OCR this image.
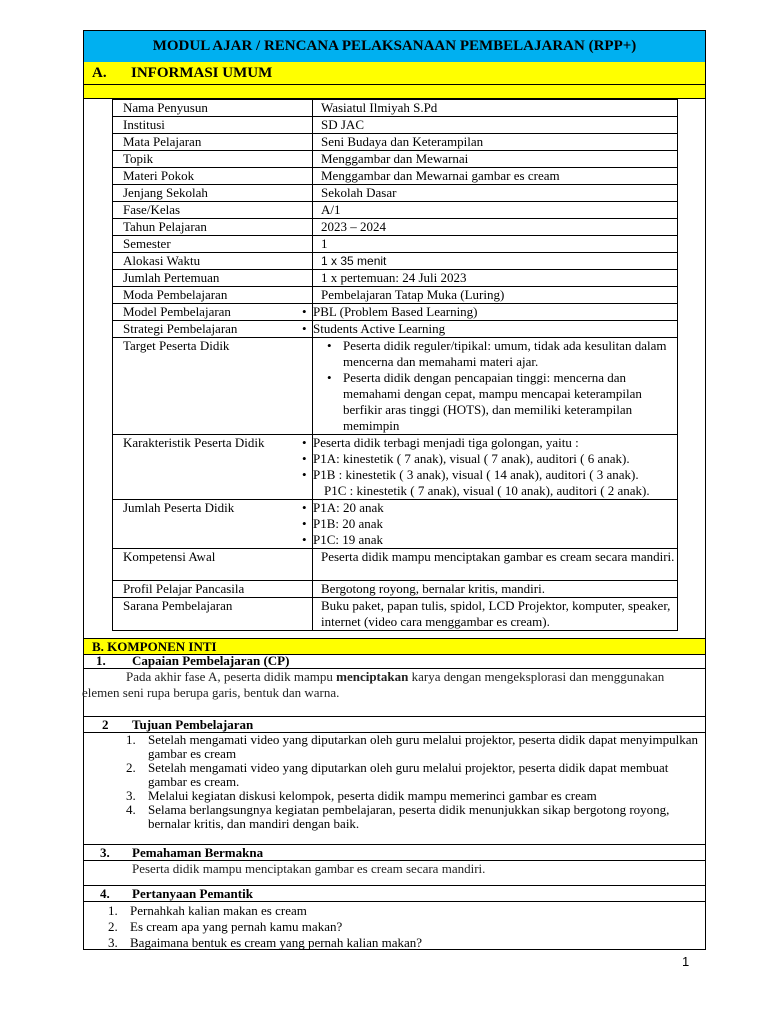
MODUL AJAR / RENCANA PELAKSANAAN PEMBELAJARAN (RPP+)
A. INFORMASI UMUM
Nama Penyusun	Wasiatul Ilmiyah S.Pd
Institusi	SD JAC
Mata Pelajaran	Seni Budaya dan Keterampilan
Topik	Menggambar dan Mewarnai
Materi Pokok	Menggambar dan Mewarnai gambar es cream
Jenjang Sekolah	Sekolah Dasar
Fase/Kelas	A/1
Tahun Pelajaran	2023 – 2024
Semester	1
Alokasi Waktu	1 x 35 menit
Jumlah Pertemuan	1 x pertemuan: 24 Juli 2023
Moda Pembelajaran	Pembelajaran Tatap Muka (Luring)
Model Pembelajaran	• PBL (Problem Based Learning)

Strategi Pembelajaran	• Students Active Learning

Target Peserta Didik	• Peserta didik reguler/tipikal: umum, tidak ada kesulitan dalam mencerna dan memahami materi ajar.
• Peserta didik dengan pencapaian tinggi: mencerna dan memahami dengan cepat, mampu mencapai keterampilan berfikir aras tinggi (HOTS), dan memiliki keterampilan memimpin

Karakteristik Peserta Didik	• Peserta didik terbagi menjadi tiga golongan, yaitu :
• P1A: kinestetik ( 7 anak), visual ( 7 anak), auditori ( 6 anak).
• P1B : kinestetik ( 3 anak), visual ( 14 anak), auditori ( 3 anak).
P1C : kinestetik ( 7 anak), visual ( 10 anak), auditori ( 2 anak).

Jumlah Peserta Didik	• P1A: 20 anak
• P1B: 20 anak
• P1C: 19 anak

Kompetensi Awal	Peserta didik mampu menciptakan gambar es cream secara mandiri.
Profil Pelajar Pancasila	Bergotong royong, bernalar kritis, mandiri.
Sarana Pembelajaran	Buku paket, papan tulis, spidol, LCD Projektor, komputer, speaker, internet (video cara menggambar es cream).
B. KOMPONEN INTI
1. Capaian Pembelajaran (CP)
Pada akhir fase A, peserta didik mampu menciptakan karya dengan mengeksplorasi dan menggunakan
elemen seni rupa berupa garis, bentuk dan warna.
2 Tujuan Pembelajaran
1. Setelah mengamati video yang diputarkan oleh guru melalui projektor, peserta didik dapat menyimpulkan gambar es cream
2. Setelah mengamati video yang diputarkan oleh guru melalui projektor, peserta didik dapat membuat gambar es cream.
3. Melalui kegiatan diskusi kelompok, peserta didik mampu memerinci gambar es cream
4. Selama berlangsungnya kegiatan pembelajaran, peserta didik menunjukkan sikap bergotong royong, bernalar kritis, dan mandiri dengan baik.
3. Pemahaman Bermakna
Peserta didik mampu menciptakan gambar es cream secara mandiri.
4. Pertanyaan Pemantik
1. Pernahkah kalian makan es cream
2. Es cream apa yang pernah kamu makan?
3. Bagaimana bentuk es cream yang pernah kalian makan?
1
